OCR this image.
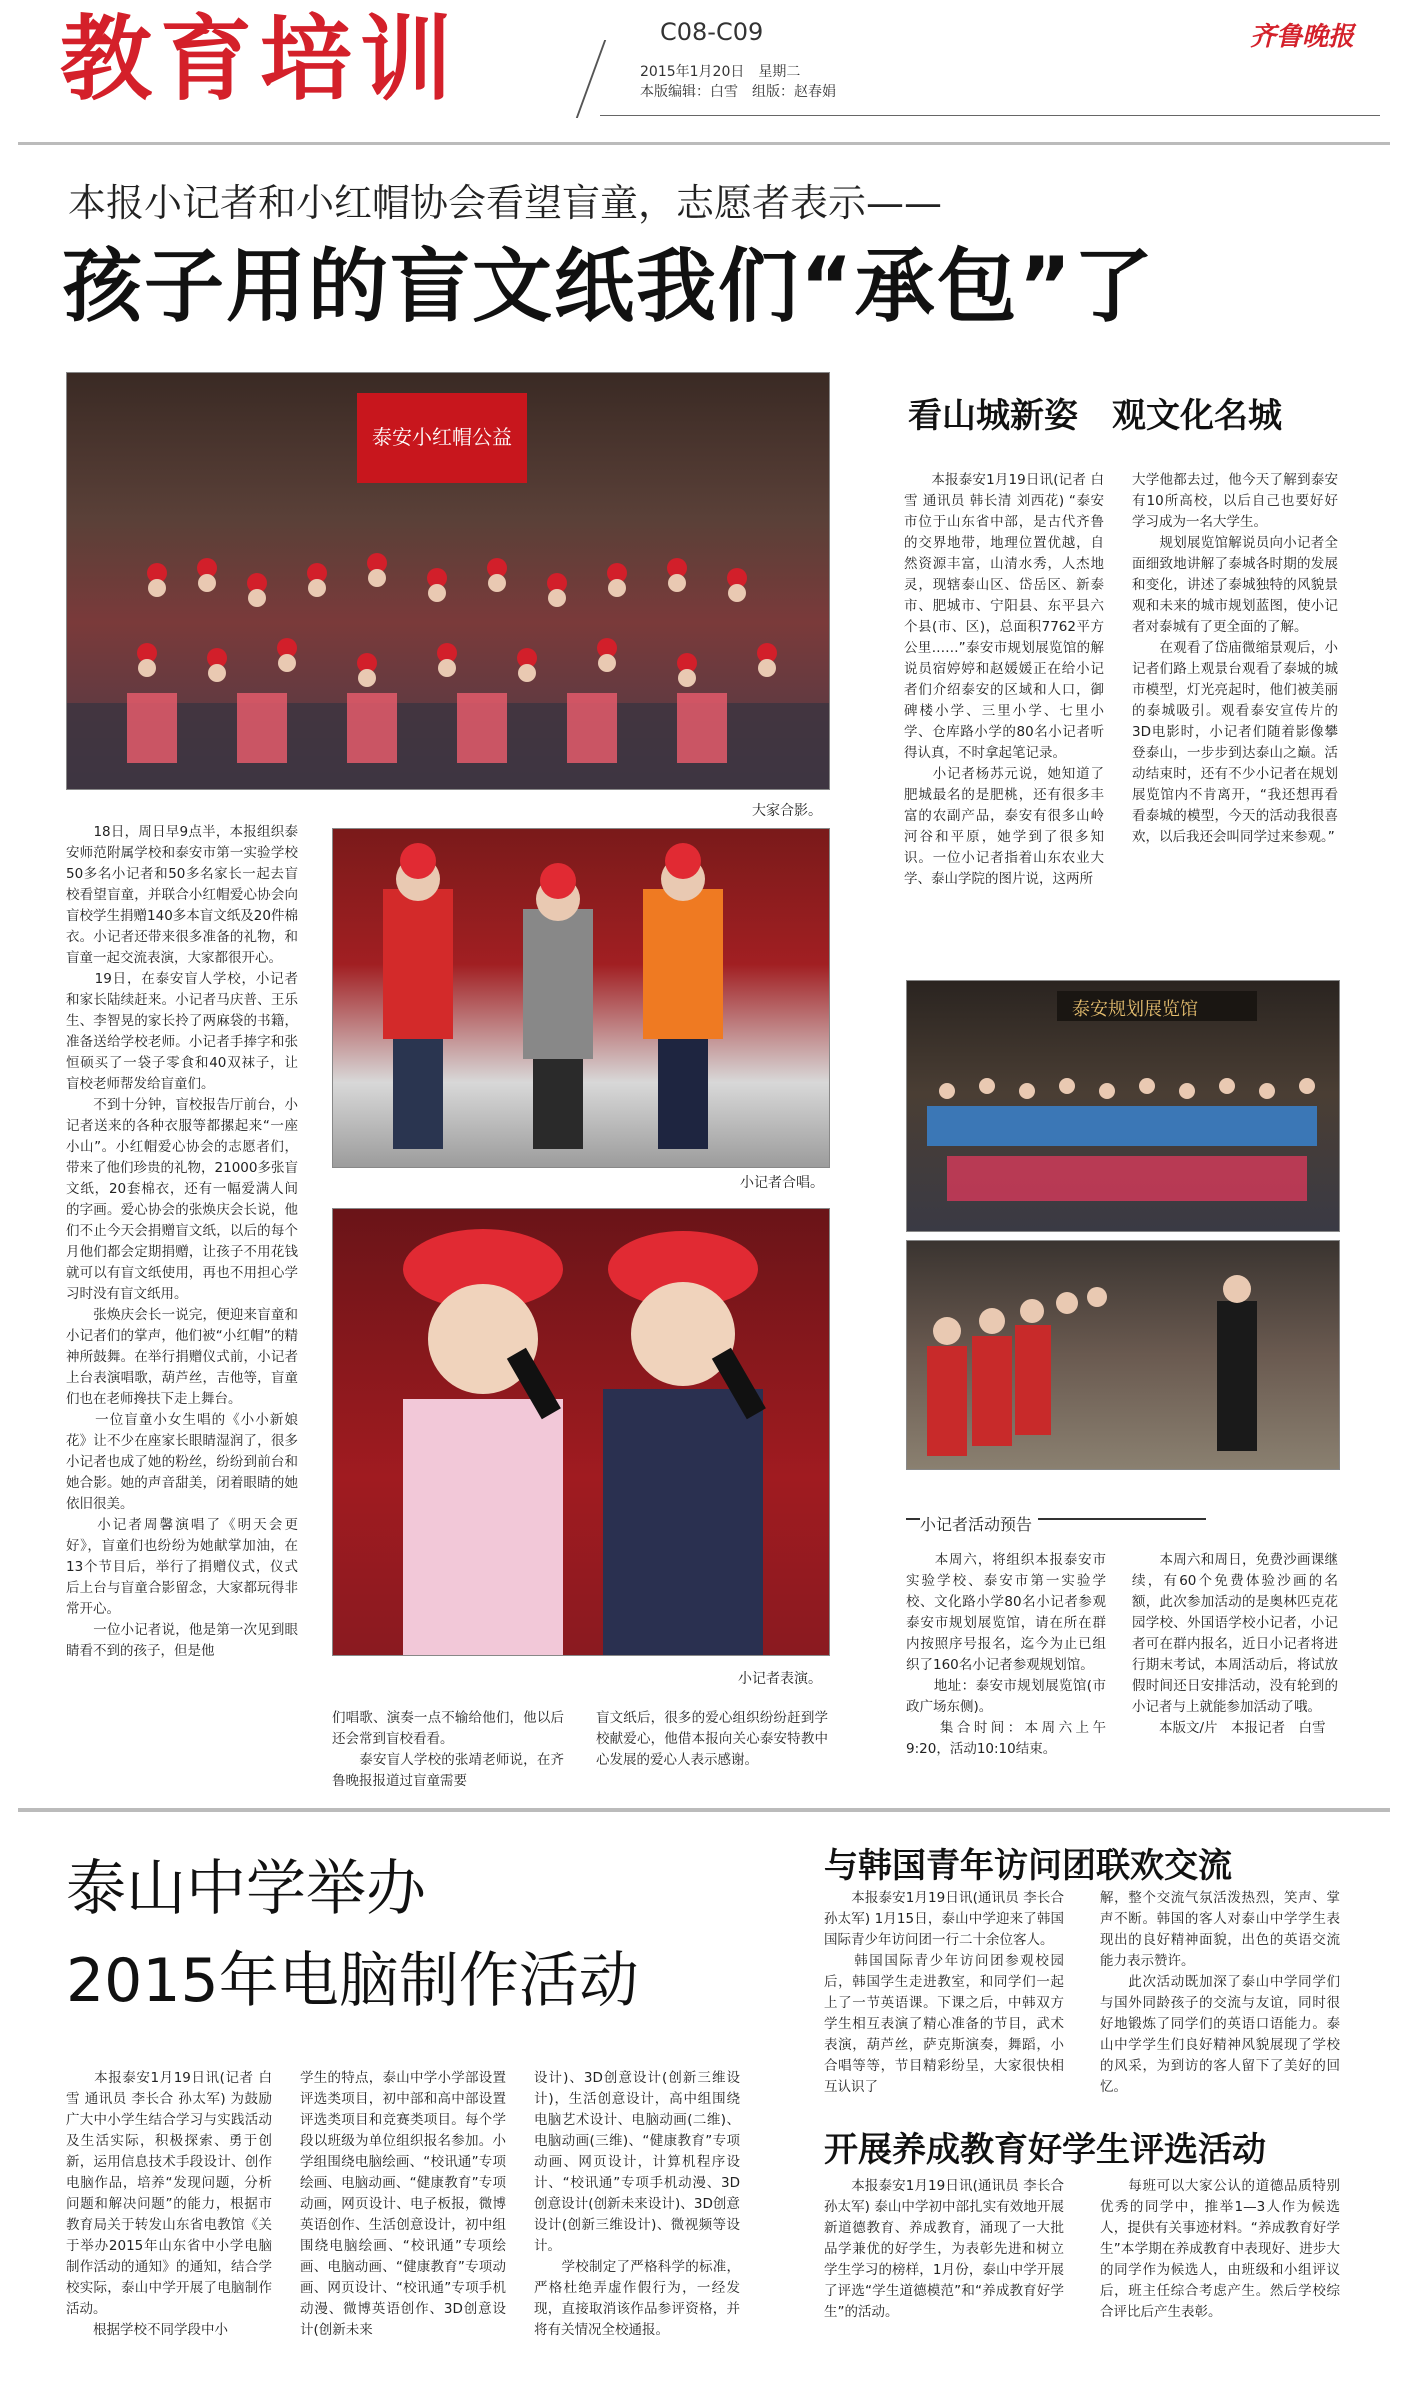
教育培训	C08-C09
2015年1月20日　星期二
本版编辑：白雪　组版：赵春娟
齐鲁晚报
本报小记者和小红帽协会看望盲童，志愿者表示——
孩子用的盲文纸我们“承包”了
泰安小红帽公益
大家合影。
小记者合唱。
小记者表演。
　　18日，周日早9点半，本报组织泰安师范附属学校和泰安市第一实验学校50多名小记者和50多名家长一起去盲校看望盲童，并联合小红帽爱心协会向盲校学生捐赠140多本盲文纸及20件棉衣。小记者还带来很多准备的礼物，和盲童一起交流表演，大家都很开心。
　　19日，在泰安盲人学校，小记者和家长陆续赶来。小记者马庆普、王乐生、李智晃的家长拎了两麻袋的书籍，准备送给学校老师。小记者手捧字和张恒硕买了一袋子零食和40双袜子，让盲校老师帮发给盲童们。
　　不到十分钟，盲校报告厅前台，小记者送来的各种衣服等都摞起来“一座小山”。小红帽爱心协会的志愿者们，带来了他们珍贵的礼物，21000多张盲文纸，20套棉衣，还有一幅爱满人间的字画。爱心协会的张焕庆会长说，他们不止今天会捐赠盲文纸，以后的每个月他们都会定期捐赠，让孩子不用花钱就可以有盲文纸使用，再也不用担心学习时没有盲文纸用。
　　张焕庆会长一说完，便迎来盲童和小记者们的掌声，他们被“小红帽”的精神所鼓舞。在举行捐赠仪式前，小记者上台表演唱歌，葫芦丝，吉他等，盲童们也在老师搀扶下走上舞台。
　　一位盲童小女生唱的《小小新娘花》让不少在座家长眼睛湿润了，很多小记者也成了她的粉丝，纷纷到前台和她合影。她的声音甜美，闭着眼睛的她依旧很美。
　　小记者周馨演唱了《明天会更好》，盲童们也纷纷为她献掌加油，在13个节目后，举行了捐赠仪式，仪式后上台与盲童合影留念，大家都玩得非常开心。
　　一位小记者说，他是第一次见到眼睛看不到的孩子，但是他
们唱歌、演奏一点不输给他们，他以后还会常到盲校看看。
　　泰安盲人学校的张靖老师说，在齐鲁晚报报道过盲童需要
盲文纸后，很多的爱心组织纷纷赶到学校献爱心，他借本报向关心泰安特教中心发展的爱心人表示感谢。
看山城新姿　观文化名城
　　本报泰安1月19日讯(记者 白雪 通讯员 韩长清 刘西花) “泰安市位于山东省中部，是古代齐鲁的交界地带，地理位置优越，自然资源丰富，山清水秀，人杰地灵，现辖泰山区、岱岳区、新泰市、肥城市、宁阳县、东平县六个县(市、区)，总面积7762平方公里……”泰安市规划展览馆的解说员宿婷婷和赵媛媛正在给小记者们介绍泰安的区域和人口，御碑楼小学、三里小学、七里小学、仓库路小学的80名小记者听得认真，不时拿起笔记录。
　　小记者杨苏元说，她知道了肥城最名的是肥桃，还有很多丰富的农副产品，泰安有很多山岭河谷和平原，她学到了很多知识。一位小记者指着山东农业大学、泰山学院的图片说，这两所
大学他都去过，他今天了解到泰安有10所高校，以后自己也要好好学习成为一名大学生。
　　规划展览馆解说员向小记者全面细致地讲解了泰城各时期的发展和变化，讲述了泰城独特的风貌景观和未来的城市规划蓝图，使小记者对泰城有了更全面的了解。
　　在观看了岱庙微缩景观后，小记者们路上观景台观看了泰城的城市模型，灯光亮起时，他们被美丽的泰城吸引。观看泰安宣传片的3D电影时，小记者们随着影像攀登泰山，一步步到达泰山之巅。活动结束时，还有不少小记者在规划展览馆内不肯离开，“我还想再看看泰城的模型，今天的活动我很喜欢，以后我还会叫同学过来参观。”
泰安规划展览馆
小记者活动预告
　　本周六，将组织本报泰安市实验学校、泰安市第一实验学校、文化路小学80名小记者参观泰安市规划展览馆，请在所在群内按照序号报名，迄今为止已组织了160名小记者参观规划馆。
　　地址：泰安市规划展览馆(市政广场东侧)。
　　集合时间：本周六上午9:20，活动10:10结束。
　　本周六和周日，免费沙画课继续，有60个免费体验沙画的名额，此次参加活动的是奥林匹克花园学校、外国语学校小记者，小记者可在群内报名，近日小记者将进行期末考试，本周活动后，将试放假时间还日安排活动，没有轮到的小记者与上就能参加活动了哦。
　　本版文/片　本报记者　白雪
泰山中学举办
2015年电脑制作活动
　　本报泰安1月19日讯(记者 白雪 通讯员 李长合 孙太军) 为鼓励广大中小学生结合学习与实践活动及生活实际，积极探索、勇于创新，运用信息技术手段设计、创作电脑作品，培养“发现问题，分析问题和解决问题”的能力，根据市教育局关于转发山东省电教馆《关于举办2015年山东省中小学电脑制作活动的通知》的通知，结合学校实际，泰山中学开展了电脑制作活动。
　　根据学校不同学段中小
学生的特点，泰山中学小学部设置评选类项目，初中部和高中部设置评选类项目和竞赛类项目。每个学段以班级为单位组织报名参加。小学组围绕电脑绘画、“校讯通”专项绘画、电脑动画、“健康教育”专项动画，网页设计、电子板报，微博英语创作、生活创意设计，初中组围绕电脑绘画、“校讯通”专项绘画、电脑动画、“健康教育”专项动画、网页设计、“校讯通”专项手机动漫、微博英语创作、3D创意设计(创新未来
设计)、3D创意设计(创新三维设计)，生活创意设计，高中组围绕电脑艺术设计、电脑动画(二维)、电脑动画(三维)、“健康教育”专项动画、网页设计，计算机程序设计、“校讯通”专项手机动漫、3D创意设计(创新未来设计)、3D创意设计(创新三维设计)、微视频等设计。
　　学校制定了严格科学的标准，严格杜绝弄虚作假行为，一经发现，直接取消该作品参评资格，并将有关情况全校通报。
与韩国青年访问团联欢交流
　　本报泰安1月19日讯(通讯员 李长合 孙太军) 1月15日，泰山中学迎来了韩国国际青少年访问团一行二十余位客人。
　　韩国国际青少年访问团参观校园后，韩国学生走进教室，和同学们一起上了一节英语课。下课之后，中韩双方学生相互表演了精心准备的节目，武术表演，葫芦丝，萨克斯演奏，舞蹈，小合唱等等，节目精彩纷呈，大家很快相互认识了
解，整个交流气氛活泼热烈，笑声、掌声不断。韩国的客人对泰山中学学生表现出的良好精神面貌，出色的英语交流能力表示赞许。
　　此次活动既加深了泰山中学同学们与国外同龄孩子的交流与友谊，同时很好地锻炼了同学们的英语口语能力。泰山中学学生们良好精神风貌展现了学校的风采，为到访的客人留下了美好的回忆。
开展养成教育好学生评选活动
　　本报泰安1月19日讯(通讯员 李长合 孙太军) 泰山中学初中部扎实有效地开展新道德教育、养成教育，涌现了一大批品学兼优的好学生，为表彰先进和树立学生学习的榜样，1月份，泰山中学开展了评选“学生道德模范”和“养成教育好学生”的活动。
　　每班可以大家公认的道德品质特别优秀的同学中，推举1—3人作为候选人，提供有关事迹材料。“养成教育好学生”本学期在养成教育中表现好、进步大的同学作为候选人，由班级和小组评议后，班主任综合考虑产生。然后学校综合评比后产生表彰。
